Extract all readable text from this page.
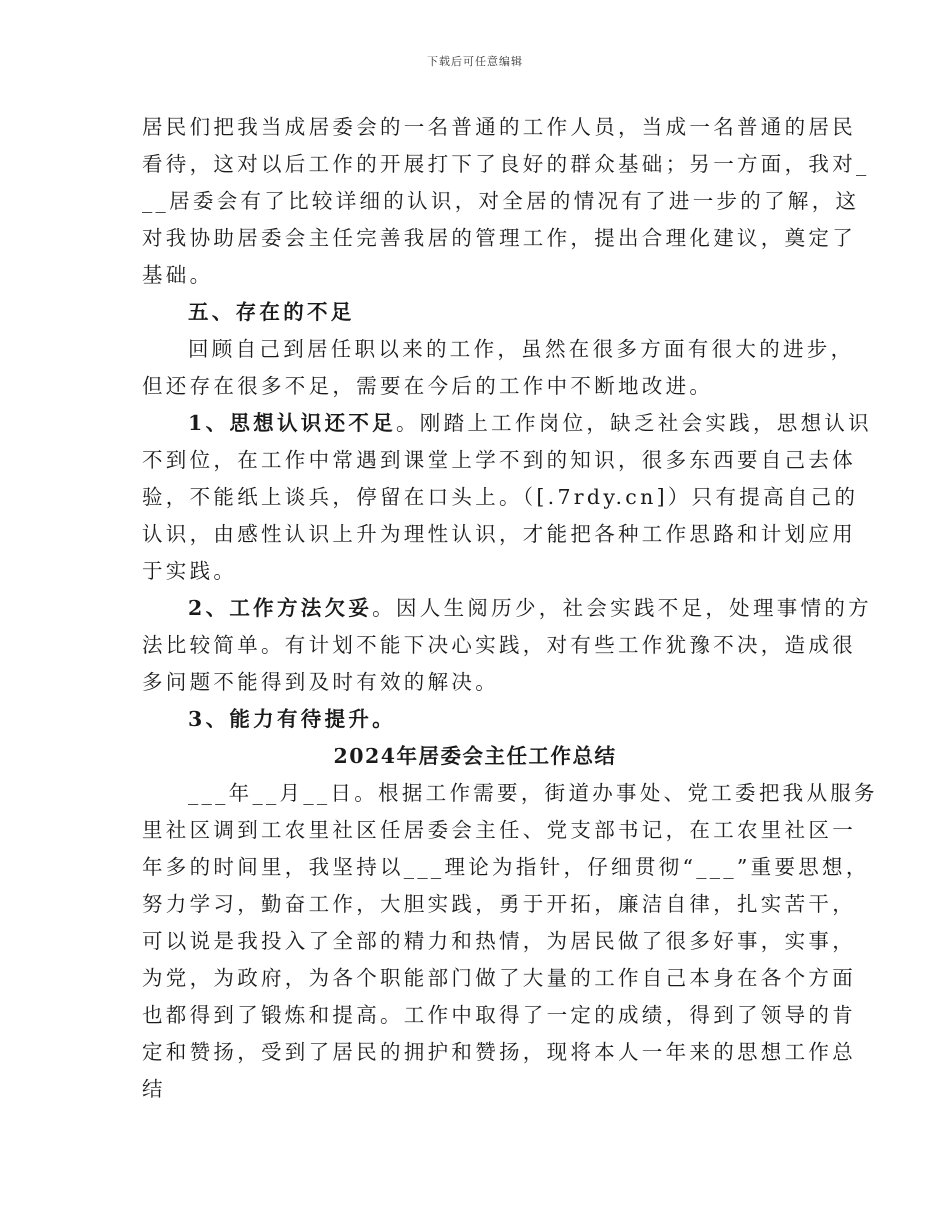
下载后可任意编辑
居民们把我当成居委会的一名普通的工作人员，当成一名普通的居民
看待，这对以后工作的开展打下了良好的群众基础；另一方面，我对_
__居委会有了比较详细的认识，对全居的情况有了进一步的了解，这
对我协助居委会主任完善我居的管理工作，提出合理化建议，奠定了
基础。
五、存在的不足
回顾自己到居任职以来的工作，虽然在很多方面有很大的进步，
但还存在很多不足，需要在今后的工作中不断地改进。
1、思想认识还不足。刚踏上工作岗位，缺乏社会实践，思想认识
不到位，在工作中常遇到课堂上学不到的知识，很多东西要自己去体
验，不能纸上谈兵，停留在口头上。（[.7rdy.cn]）只有提高自己的
认识，由感性认识上升为理性认识，才能把各种工作思路和计划应用
于实践。
2、工作方法欠妥。因人生阅历少，社会实践不足，处理事情的方
法比较简单。有计划不能下决心实践，对有些工作犹豫不决，造成很
多问题不能得到及时有效的解决。
3、能力有待提升。
2024年居委会主任工作总结
___年__月__日。根据工作需要，街道办事处、党工委把我从服务
里社区调到工农里社区任居委会主任、党支部书记，在工农里社区一
年多的时间里，我坚持以___理论为指针，仔细贯彻“___”重要思想，
努力学习，勤奋工作，大胆实践，勇于开拓，廉洁自律，扎实苦干，
可以说是我投入了全部的精力和热情，为居民做了很多好事，实事，
为党，为政府，为各个职能部门做了大量的工作自己本身在各个方面
也都得到了锻炼和提高。工作中取得了一定的成绩，得到了领导的肯
定和赞扬，受到了居民的拥护和赞扬，现将本人一年来的思想工作总
结
